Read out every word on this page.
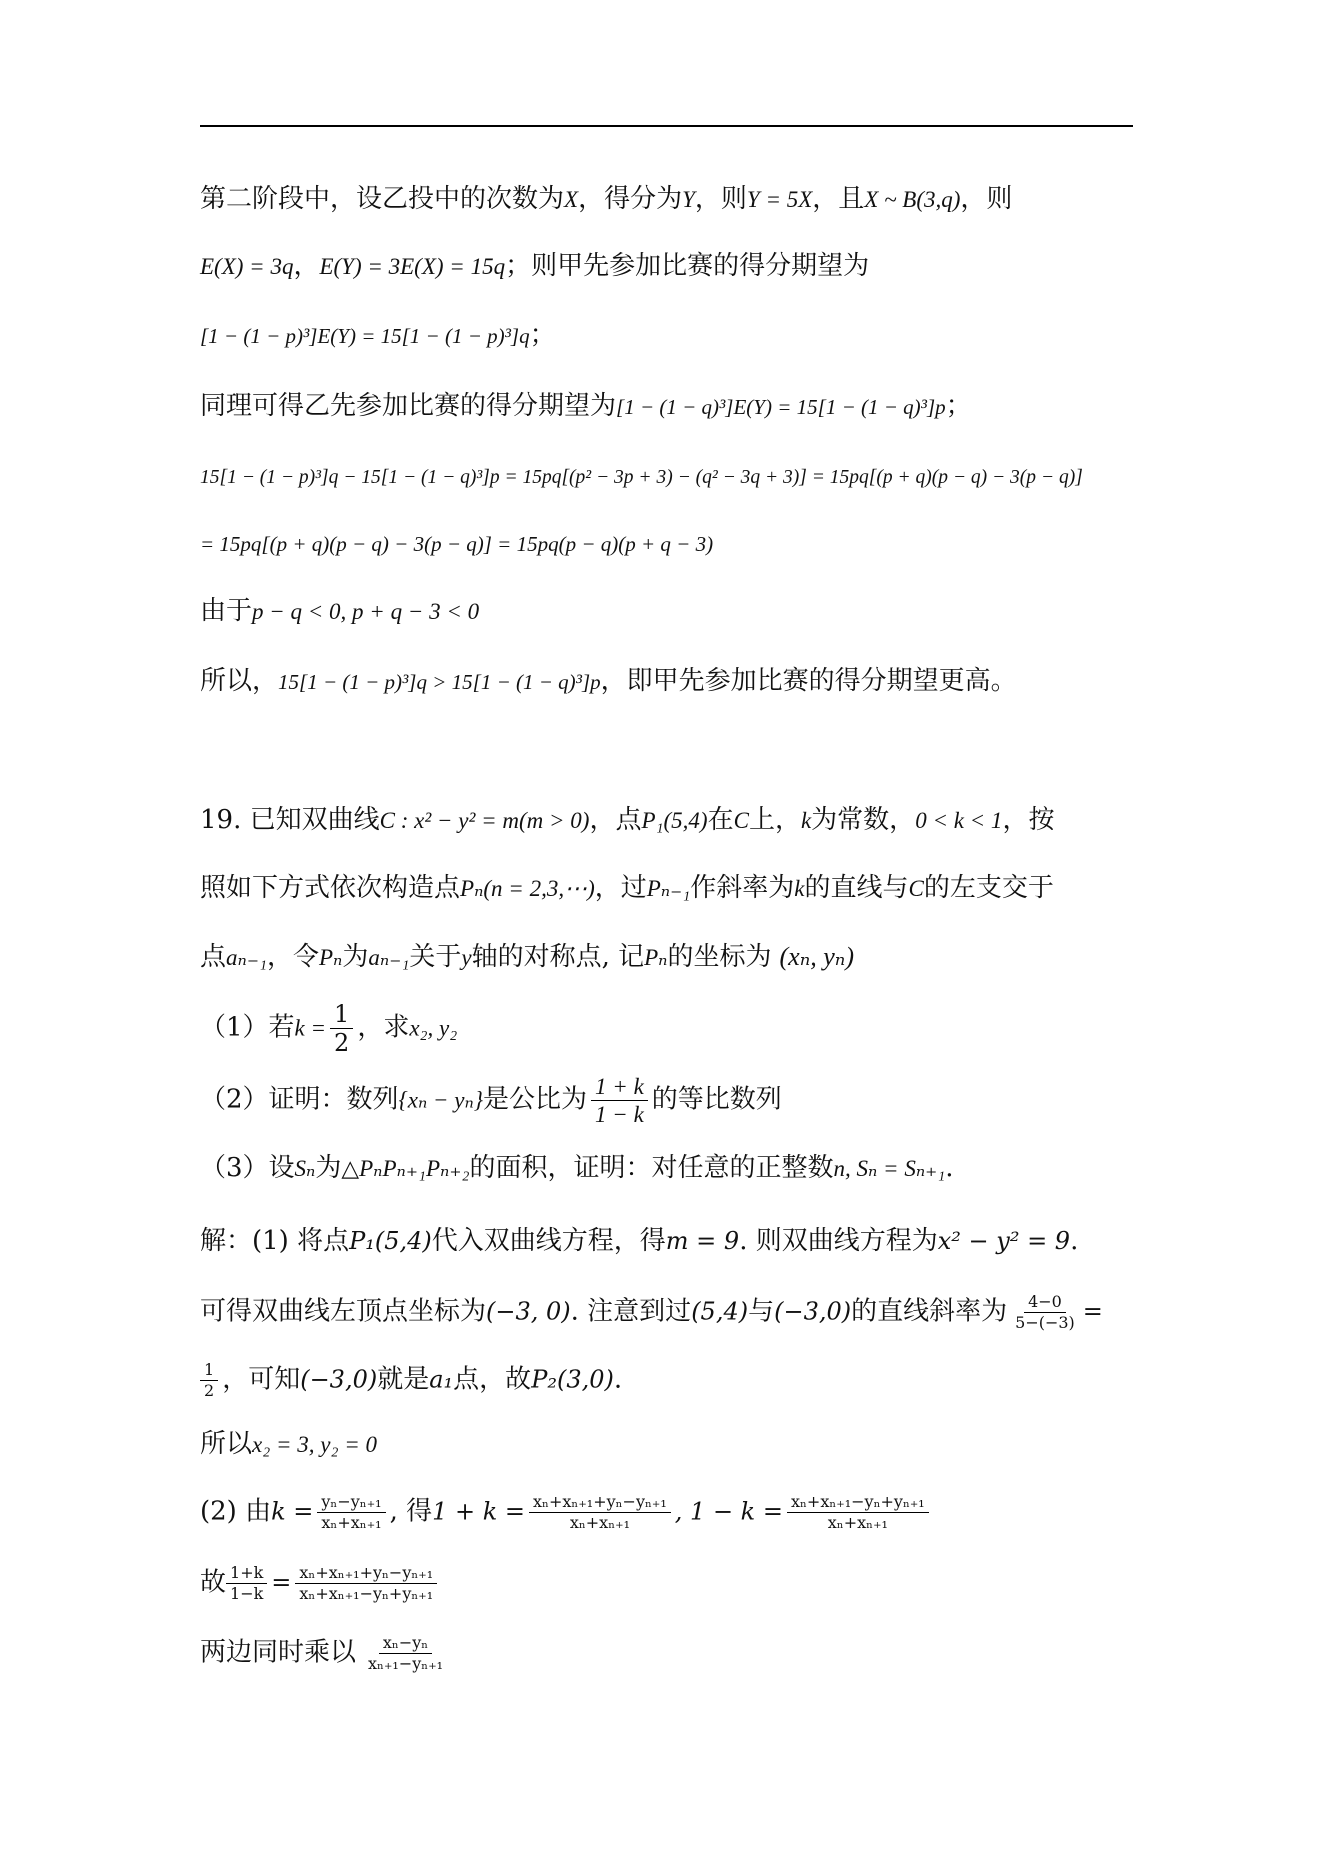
第二阶段中，设乙投中的次数为X，得分为Y，则Y = 5X，且X ~ B(3,q)，则
E(X) = 3q，E(Y) = 3E(X) = 15q；则甲先参加比赛的得分期望为
[1 − (1 − p)³]E(Y) = 15[1 − (1 − p)³]q；
同理可得乙先参加比赛的得分期望为[1 − (1 − q)³]E(Y) = 15[1 − (1 − q)³]p；
15[1 − (1 − p)³]q − 15[1 − (1 − q)³]p = 15pq[(p² − 3p + 3) − (q² − 3q + 3)] = 15pq[(p + q)(p − q) − 3(p − q)]
= 15pq[(p + q)(p − q) − 3(p − q)] = 15pq(p − q)(p + q − 3)
由于p − q < 0, p + q − 3 < 0
所以，15[1 − (1 − p)³]q > 15[1 − (1 − q)³]p，即甲先参加比赛的得分期望更高。
19. 已知双曲线C : x² − y² = m(m > 0)，点P₁(5,4)在C上，k为常数，0 < k < 1，按
照如下方式依次构造点Pₙ(n = 2,3,⋯)，过Pₙ₋₁作斜率为k的直线与C的左支交于
点aₙ₋₁，令Pₙ为aₙ₋₁关于y轴的对称点, 记Pₙ的坐标为 (xₙ, yₙ)
（1）若$k = \frac{1}{2}$ ，求x₂, y₂
（2）证明：数列{xₙ − yₙ}是公比为 $\frac{1 + k}{1 - k}$ 的等比数列
（3）设Sₙ为△PₙPₙ₊₁Pₙ₊₂的面积，证明：对任意的正整数n, Sₙ = Sₙ₊₁.
解：(1) 将点P₁(5,4)代入双曲线方程，得m = 9. 则双曲线方程为x² − y² = 9.
可得双曲线左顶点坐标为(−3, 0). 注意到过(5,4)与(−3,0)的直线斜率为 $\frac{4-0}{5-(-3)}$ =
$\frac{1}{2}$ ，可知(−3,0)就是a₁点，故P₂(3,0).
所以x₂ = 3, y₂ = 0
(2) 由$k = \frac{\text{yₙ−yₙ₊₁}}{\text{xₙ+xₙ₊₁}}$ , 得$1 + k = \frac{\text{xₙ+xₙ₊₁+yₙ−yₙ₊₁}}{\text{xₙ+xₙ₊₁}}$ , $1 - k = \frac{\text{xₙ+xₙ₊₁−yₙ+yₙ₊₁}}{\text{xₙ+xₙ₊₁}}$
故 $\frac{1+k}{1-k} = \frac{\text{xₙ+xₙ₊₁+yₙ−yₙ₊₁}}{\text{xₙ+xₙ₊₁−yₙ+yₙ₊₁}}$
两边同时乘以 $\frac{\text{xₙ−yₙ}}{\text{xₙ₊₁−yₙ₊₁}}$
